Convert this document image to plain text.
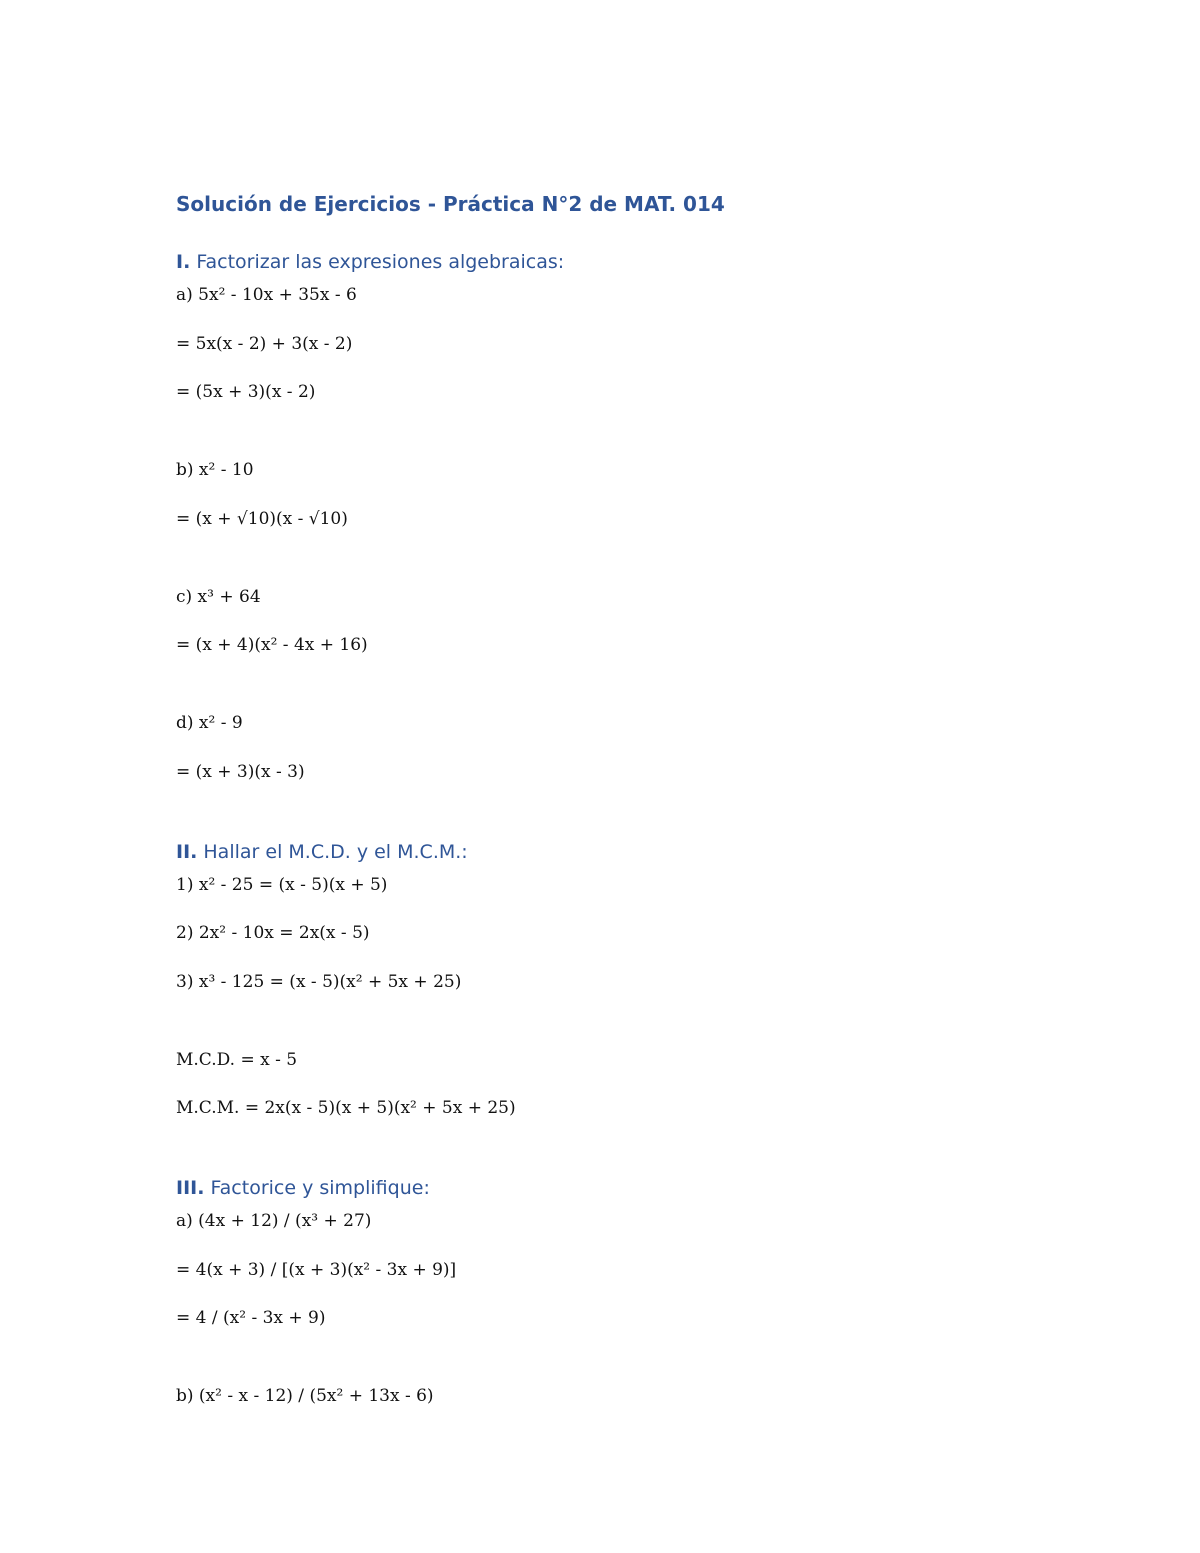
Solución de Ejercicios - Práctica N°2 de MAT. 014
I. Factorizar las expresiones algebraicas:

a) 5x² - 10x + 35x - 6

= 5x(x - 2) + 3(x - 2)

= (5x + 3)(x - 2)

b) x² - 10

= (x + √10)(x - √10)

c) x³ + 64

= (x + 4)(x² - 4x + 16)

d) x² - 9

= (x + 3)(x - 3)

II. Hallar el M.C.D. y el M.C.M.:

1) x² - 25 = (x - 5)(x + 5)

2) 2x² - 10x = 2x(x - 5)

3) x³ - 125 = (x - 5)(x² + 5x + 25)

M.C.D. = x - 5

M.C.M. = 2x(x - 5)(x + 5)(x² + 5x + 25)

III. Factorice y simplifique:

a) (4x + 12) / (x³ + 27)

= 4(x + 3) / [(x + 3)(x² - 3x + 9)]

= 4 / (x² - 3x + 9)

b) (x² - x - 12) / (5x² + 13x - 6)
